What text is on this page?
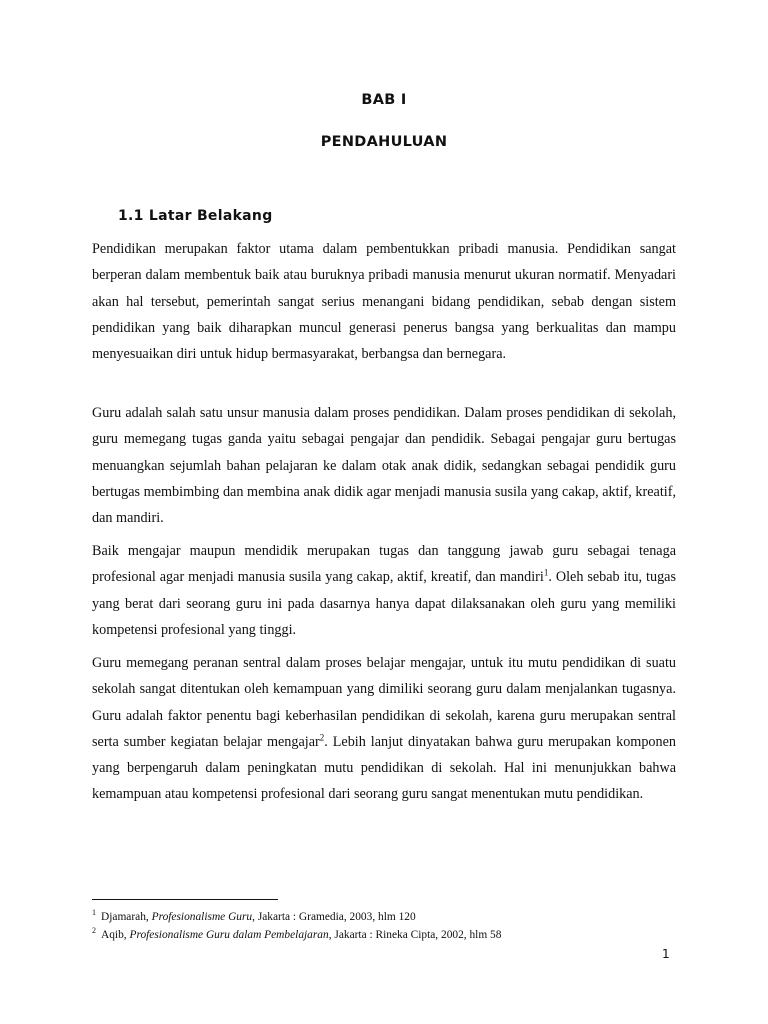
BAB I
PENDAHULUAN
1.1 Latar Belakang

Pendidikan merupakan faktor utama dalam pembentukkan pribadi manusia. Pendidikan sangat berperan dalam membentuk baik atau buruknya pribadi manusia menurut ukuran normatif. Menyadari akan hal tersebut, pemerintah sangat serius menangani bidang pendidikan, sebab dengan sistem pendidikan yang baik diharapkan muncul generasi penerus bangsa yang berkualitas dan mampu menyesuaikan diri untuk hidup bermasyarakat, berbangsa dan bernegara.

Guru adalah salah satu unsur manusia dalam proses pendidikan. Dalam proses pendidikan di sekolah, guru memegang tugas ganda yaitu sebagai pengajar dan pendidik. Sebagai pengajar guru bertugas menuangkan sejumlah bahan pelajaran ke dalam otak anak didik, sedangkan sebagai pendidik guru bertugas membimbing dan membina anak didik agar menjadi manusia susila yang cakap, aktif, kreatif, dan mandiri.

Baik mengajar maupun mendidik merupakan tugas dan tanggung jawab guru sebagai tenaga profesional agar menjadi manusia susila yang cakap, aktif, kreatif, dan mandiri$^1$. Oleh sebab itu, tugas yang berat dari seorang guru ini pada dasarnya hanya dapat dilaksanakan oleh guru yang memiliki kompetensi profesional yang tinggi.

Guru memegang peranan sentral dalam proses belajar mengajar, untuk itu mutu pendidikan di suatu sekolah sangat ditentukan oleh kemampuan yang dimiliki seorang guru dalam menjalankan tugasnya. Guru adalah faktor penentu bagi keberhasilan pendidikan di sekolah, karena guru merupakan sentral serta sumber kegiatan belajar mengajar$^2$. Lebih lanjut dinyatakan bahwa guru merupakan komponen yang berpengaruh dalam peningkatan mutu pendidikan di sekolah. Hal ini menunjukkan bahwa kemampuan atau kompetensi profesional dari seorang guru sangat menentukan mutu pendidikan.

$^1$ Djamarah, Profesionalisme Guru, Jakarta : Gramedia, 2003, hlm 120
$^2$ Aqib, Profesionalisme Guru dalam Pembelajaran, Jakarta : Rineka Cipta, 2002, hlm 58
1
